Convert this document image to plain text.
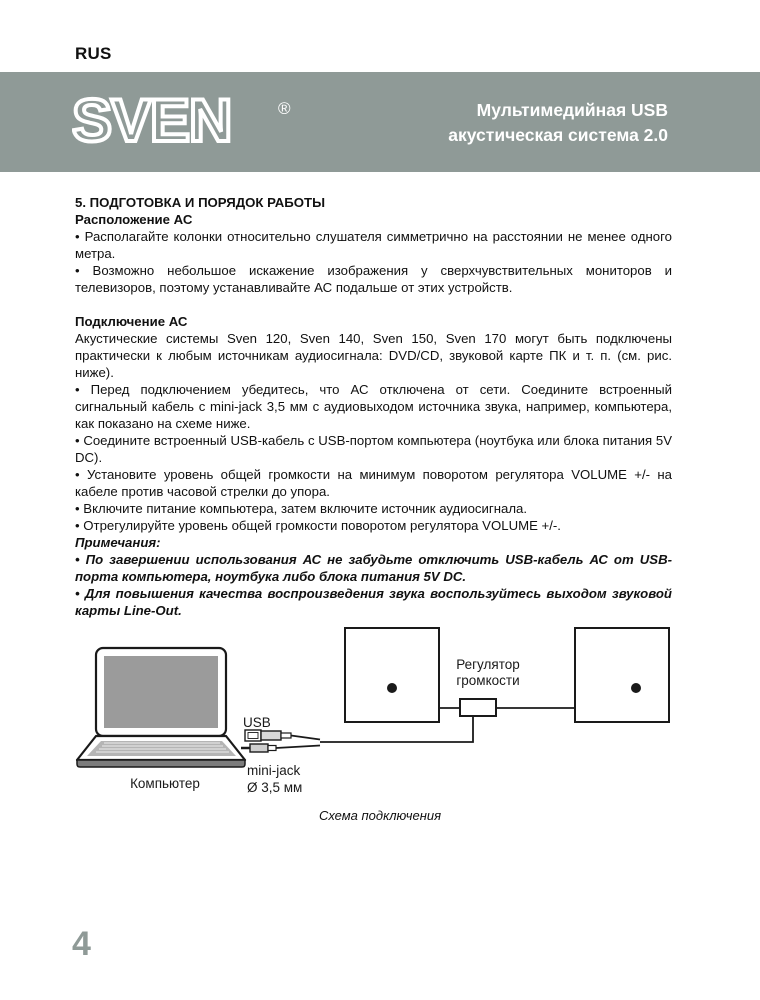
RUS
SVEN	®	Мультимедийная USB
акустическая система 2.0

5. ПОДГОТОВКА И ПОРЯДОК РАБОТЫ

Расположение АС

• Располагайте колонки относительно слушателя симметрично на расстоянии не менее одного метра.

• Возможно небольшое искажение изображения у сверхчувствительных мониторов и телевизоров, поэтому устанавливайте АС подальше от этих устройств.

Подключение АС

Акустические системы Sven 120, Sven 140, Sven 150, Sven 170 могут быть подключены практически к любым источникам аудиосигнала: DVD/CD, звуковой карте ПК и т. п. (см. рис. ниже).

• Перед подключением убедитесь, что АС отключена от сети. Соедините встроенный сигнальный кабель с mini-jack 3,5 мм с аудиовыходом источника звука, например, компьютера, как показано на схеме ниже.

• Соедините встроенный USB-кабель с USB-портом компьютера (ноутбука или блока питания 5V DC).

• Установите уровень общей громкости на минимум поворотом регулятора VOLUME +/- на кабеле против часовой стрелки до упора.

• Включите питание компьютера, затем включите источник аудиосигнала.

• Отрегулируйте уровень общей громкости поворотом регулятора VOLUME +/-.

Примечания:

• По завершении использования АС не забудьте отключить USB-кабель АС от USB-порта компьютера, ноутбука либо блока питания 5V DC.

• Для повышения качества воспроизведения звука воспользуйтесь выходом звуковой карты Line-Out.

Регулятор
громкости
USB
mini-jack
Ø 3,5 мм
Компьютер
Схема подключения
4
